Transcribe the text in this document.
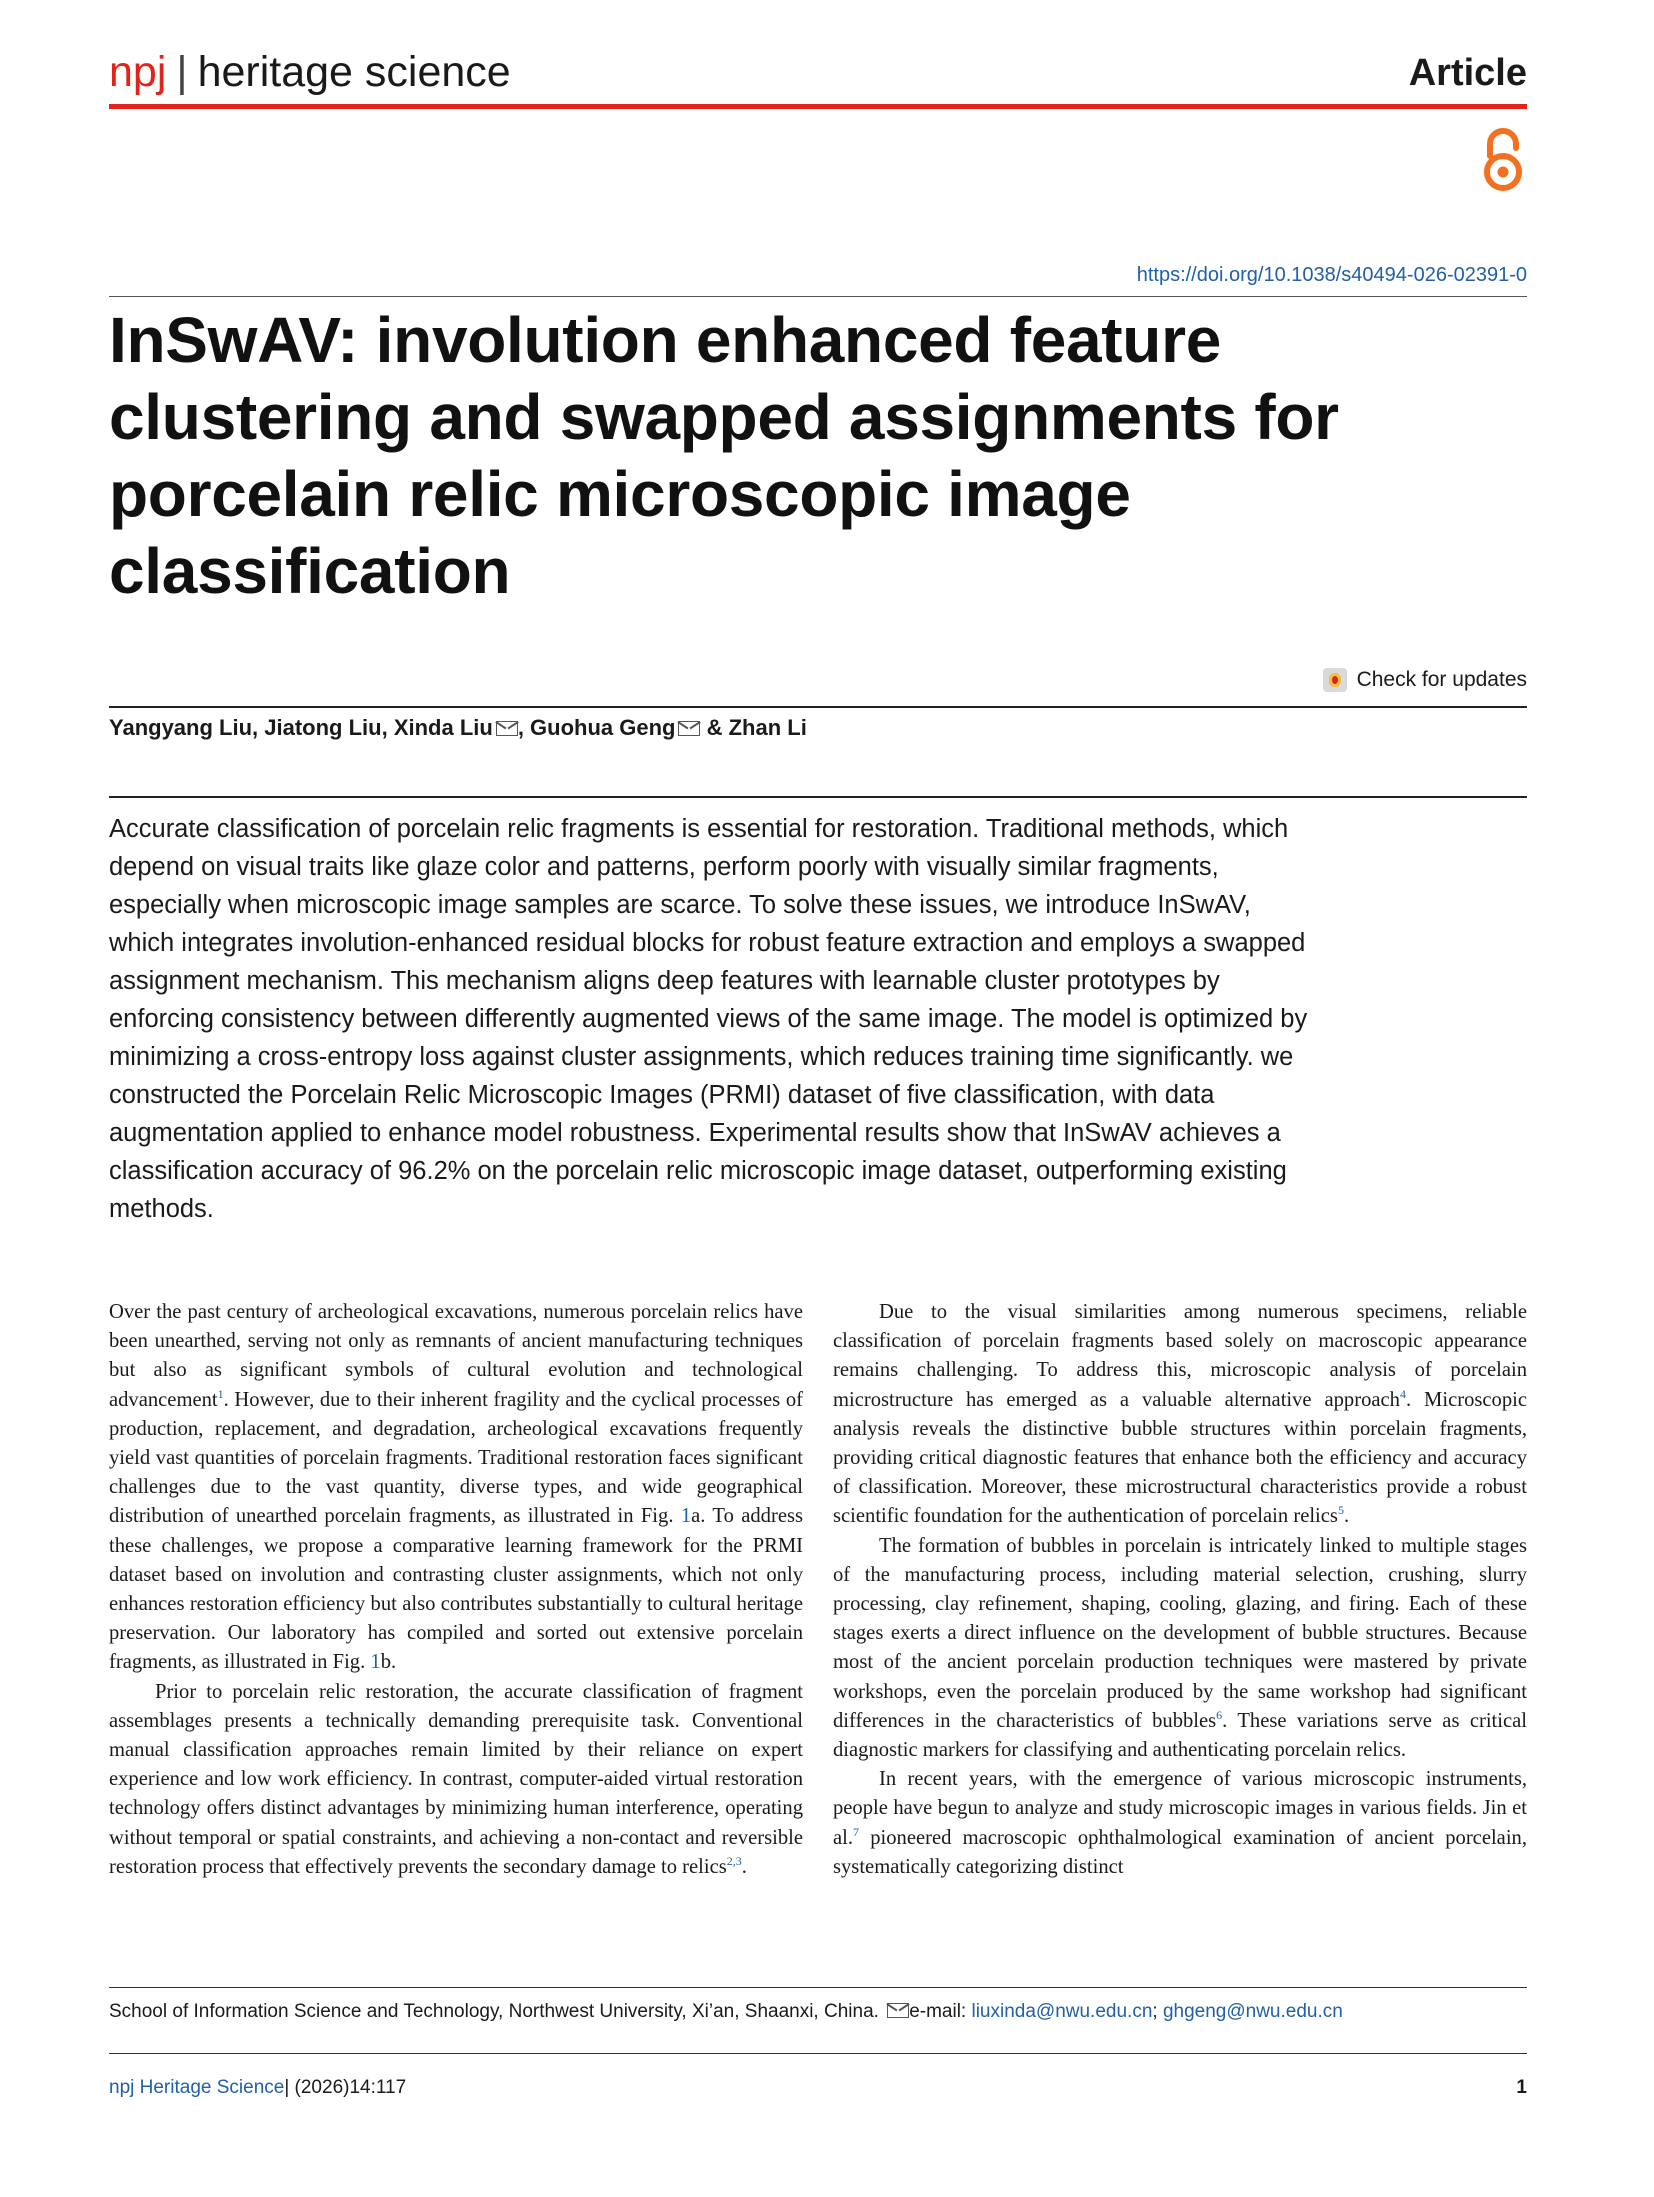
npj | heritage science	Article
https://doi.org/10.1038/s40494-026-02391-0
InSwAV: involution enhanced feature clustering and swapped assignments for porcelain relic microscopic image classification
Check for updates
Yangyang Liu, Jiatong Liu, Xinda Liu , Guohua Geng & Zhan Li
Accurate classification of porcelain relic fragments is essential for restoration. Traditional methods, which depend on visual traits like glaze color and patterns, perform poorly with visually similar fragments, especially when microscopic image samples are scarce. To solve these issues, we introduce InSwAV, which integrates involution-enhanced residual blocks for robust feature extraction and employs a swapped assignment mechanism. This mechanism aligns deep features with learnable cluster prototypes by enforcing consistency between differently augmented views of the same image. The model is optimized by minimizing a cross-entropy loss against cluster assignments, which reduces training time significantly. we constructed the Porcelain Relic Microscopic Images (PRMI) dataset of five classification, with data augmentation applied to enhance model robustness. Experimental results show that InSwAV achieves a classification accuracy of 96.2% on the porcelain relic microscopic image dataset, outperforming existing methods.

Over the past century of archeological excavations, numerous porcelain relics have been unearthed, serving not only as remnants of ancient manufacturing techniques but also as significant symbols of cultural evolution and technological advancement$^1$. However, due to their inherent fragility and the cyclical processes of production, replacement, and degradation, archeological excavations frequently yield vast quantities of porcelain fragments. Traditional restoration faces significant challenges due to the vast quantity, diverse types, and wide geographical distribution of unearthed porcelain fragments, as illustrated in Fig. 1a. To address these challenges, we propose a comparative learning framework for the PRMI dataset based on involution and contrasting cluster assignments, which not only enhances restoration efficiency but also contributes substantially to cultural heritage preservation. Our laboratory has compiled and sorted out extensive porcelain fragments, as illustrated in Fig. 1b.

Prior to porcelain relic restoration, the accurate classification of fragment assemblages presents a technically demanding prerequisite task. Conventional manual classification approaches remain limited by their reliance on expert experience and low work efficiency. In contrast, computer-aided virtual restoration technology offers distinct advantages by minimizing human interference, operating without temporal or spatial constraints, and achieving a non-contact and reversible restoration process that effectively prevents the secondary damage to relics$^{2,3}$.

Due to the visual similarities among numerous specimens, reliable classification of porcelain fragments based solely on macroscopic appearance remains challenging. To address this, microscopic analysis of porcelain microstructure has emerged as a valuable alternative approach$^4$. Microscopic analysis reveals the distinctive bubble structures within porcelain fragments, providing critical diagnostic features that enhance both the efficiency and accuracy of classification. Moreover, these microstructural characteristics provide a robust scientific foundation for the authentication of porcelain relics$^5$.

The formation of bubbles in porcelain is intricately linked to multiple stages of the manufacturing process, including material selection, crushing, slurry processing, clay refinement, shaping, cooling, glazing, and firing. Each of these stages exerts a direct influence on the development of bubble structures. Because most of the ancient porcelain production techniques were mastered by private workshops, even the porcelain produced by the same workshop had significant differences in the characteristics of bubbles$^6$. These variations serve as critical diagnostic markers for classifying and authenticating porcelain relics.

In recent years, with the emergence of various microscopic instruments, people have begun to analyze and study microscopic images in various fields. Jin et al.$^7$ pioneered macroscopic ophthalmological examination of ancient porcelain, systematically categorizing distinct

School of Information Science and Technology, Northwest University, Xi’an, Shaanxi, China. e-mail: liuxinda@nwu.edu.cn; ghgeng@nwu.edu.cn
npj Heritage Science| (2026)14:117	1
